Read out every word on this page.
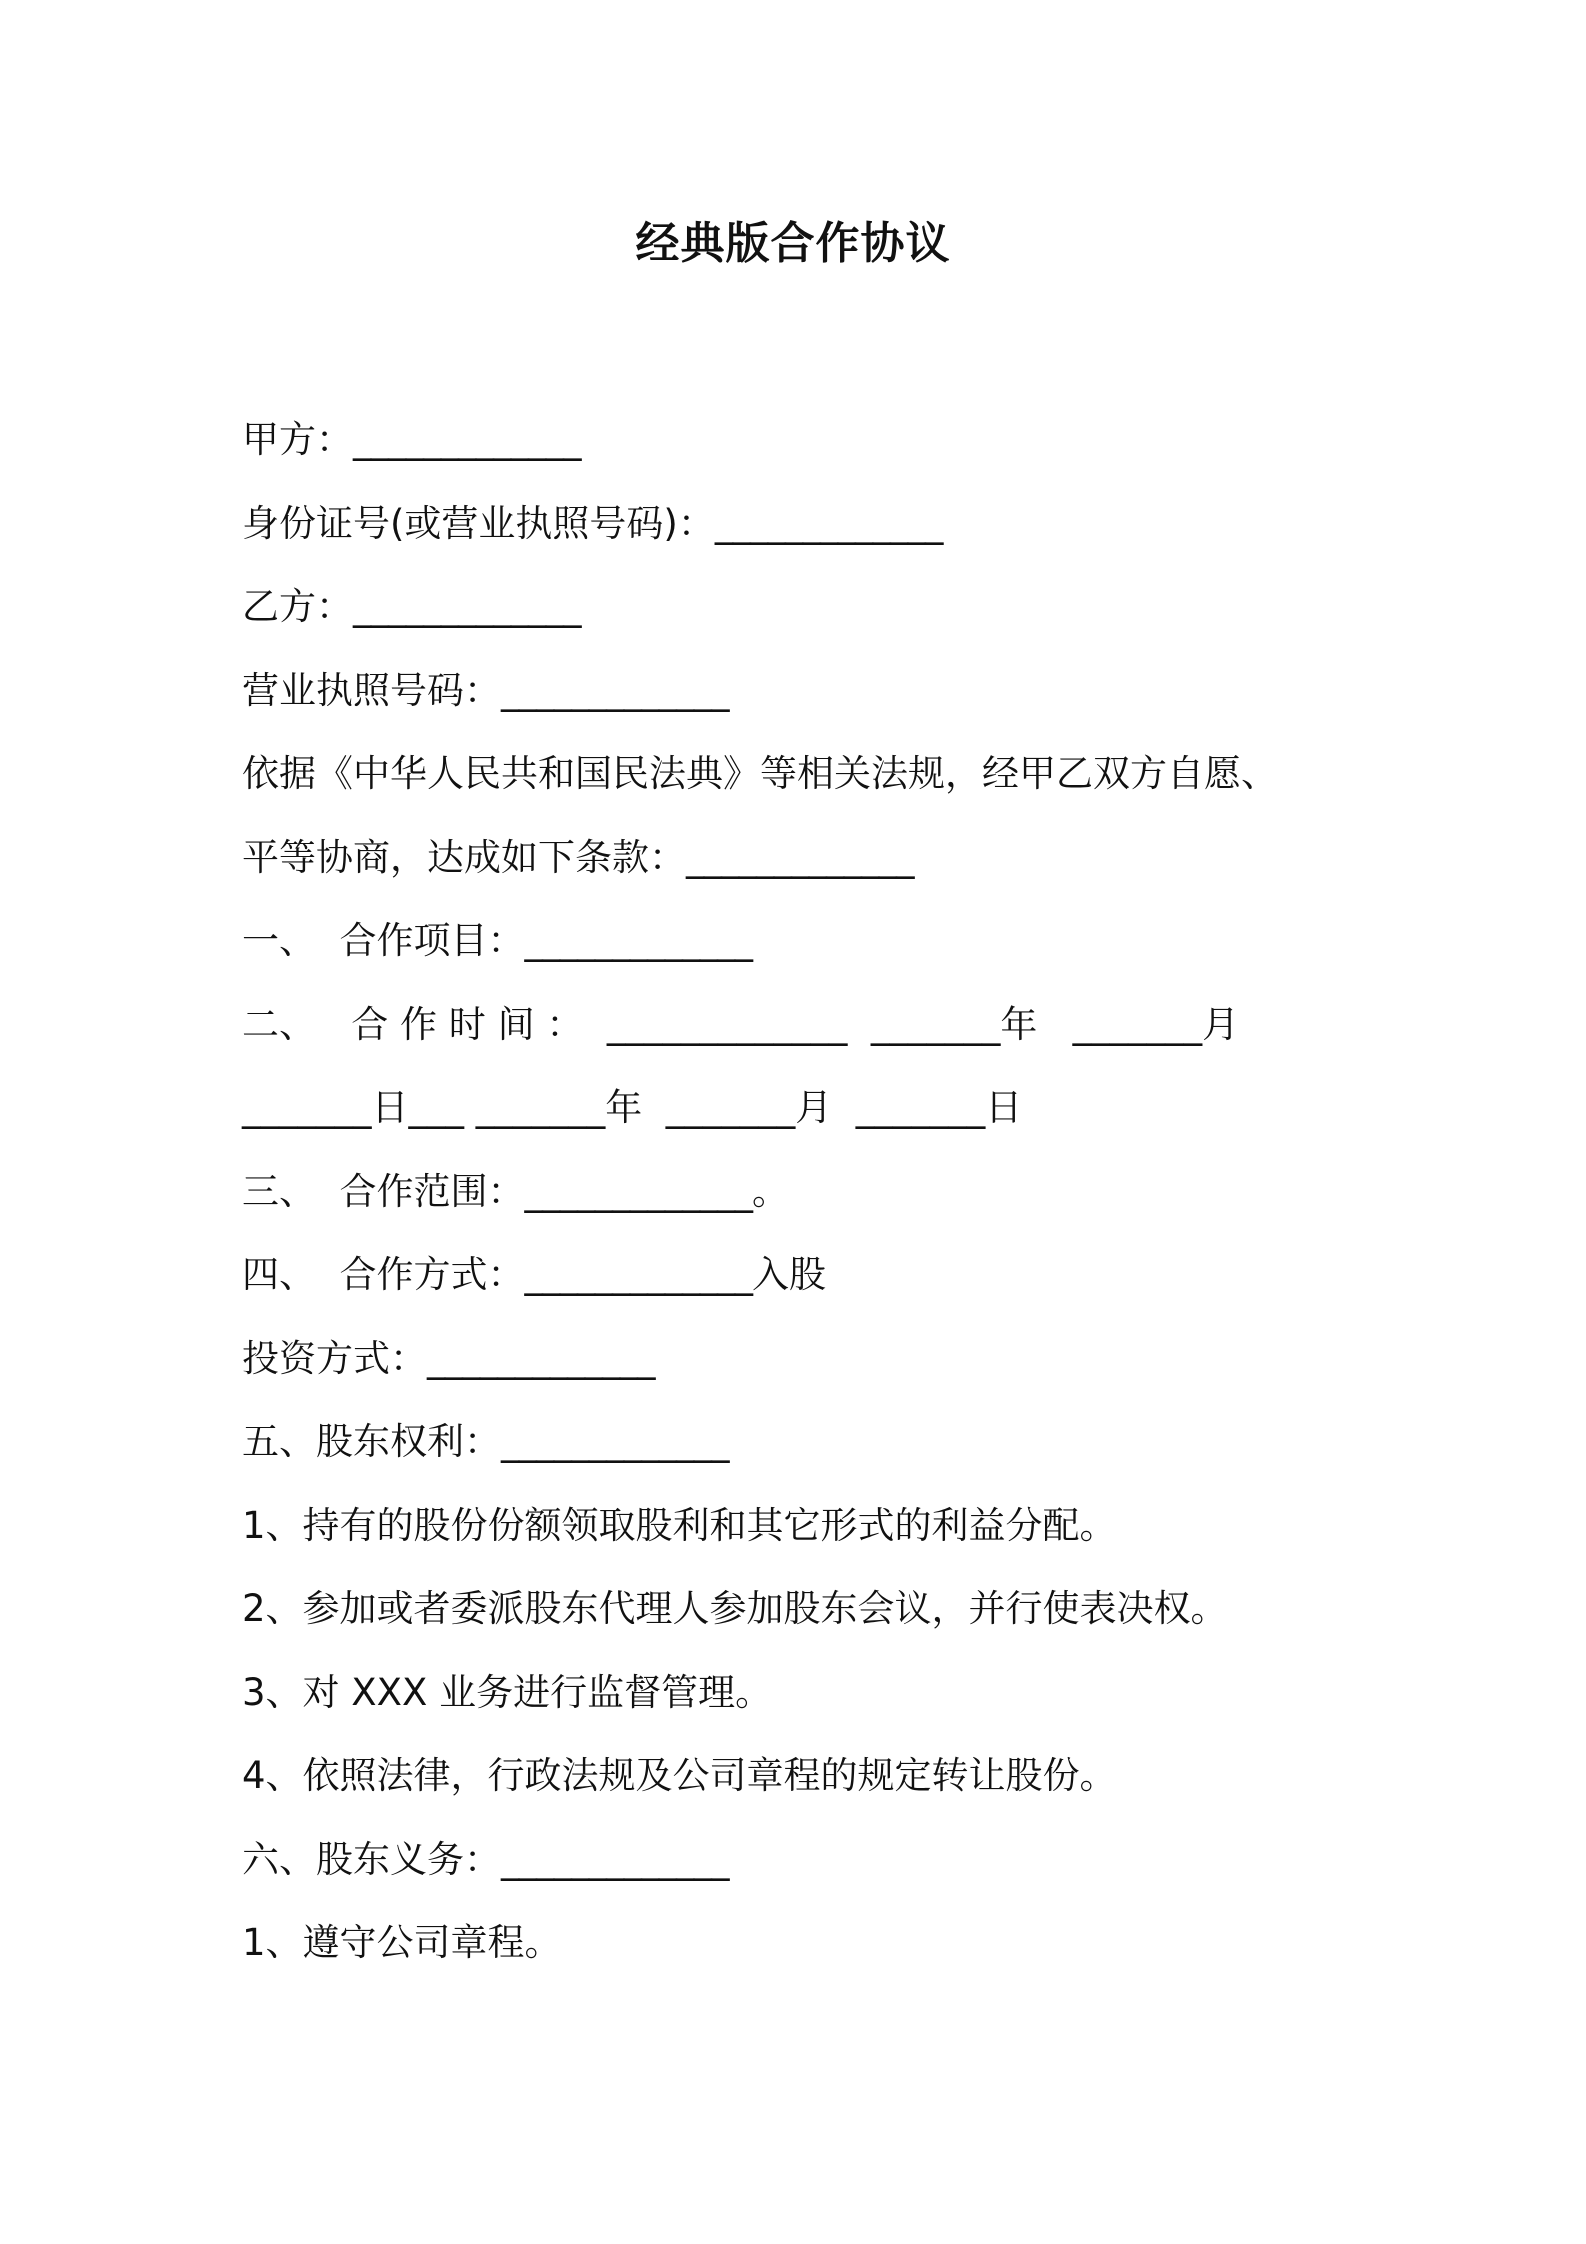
经典版合作协议
甲方：_____________
身份证号(或营业执照号码)：_____________
乙方：_____________
营业执照号码：_____________
依据《中华人民共和国民法典》等相关法规，经甲乙双方自愿、
平等协商，达成如下条款：_____________
一、  合作项目：_____________
二、   合 作 时 间 ：  _____________  _______年   _______月
_______日___ _______年  _______月  _______日
三、  合作范围：_____________。
四、  合作方式：_____________入股
投资方式：_____________
五、股东权利：_____________
1、持有的股份份额领取股利和其它形式的利益分配。
2、参加或者委派股东代理人参加股东会议，并行使表决权。
3、对 XXX 业务进行监督管理。
4、依照法律，行政法规及公司章程的规定转让股份。
六、股东义务：_____________
1、遵守公司章程。
